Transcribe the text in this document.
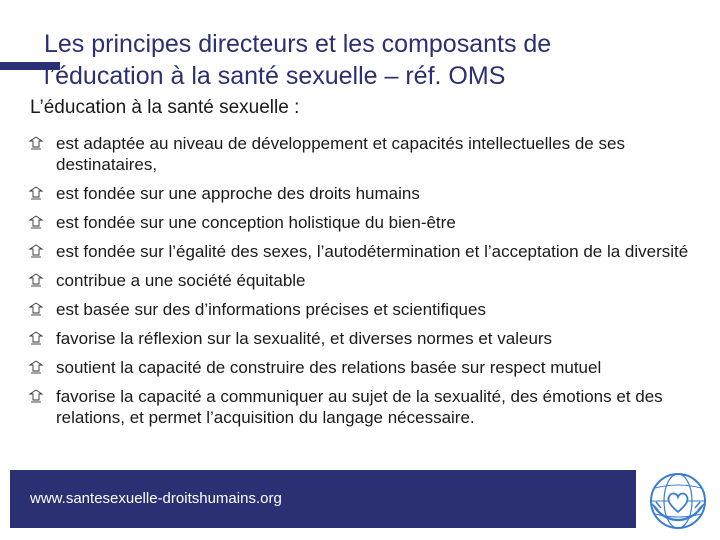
Les principes directeurs et les composants de
l’éducation à la santé sexuelle – réf. OMS
L’éducation à la santé sexuelle :
est adaptée au niveau de développement et capacités intellectuelles de ses destinataires,
est fondée sur une approche des droits humains
est fondée sur une conception holistique du bien-être
est fondée sur l’égalité des sexes, l’autodétermination et l’acceptation de la diversité
contribue a une société équitable
est basée sur des d’informations précises et scientifiques
favorise la réflexion sur la sexualité, et diverses normes et valeurs
soutient la capacité de construire des relations basée sur respect mutuel
favorise la capacité a communiquer au sujet de la sexualité, des émotions et des relations, et permet l’acquisition du langage nécessaire.
www.santesexuelle-droitshumains.org
